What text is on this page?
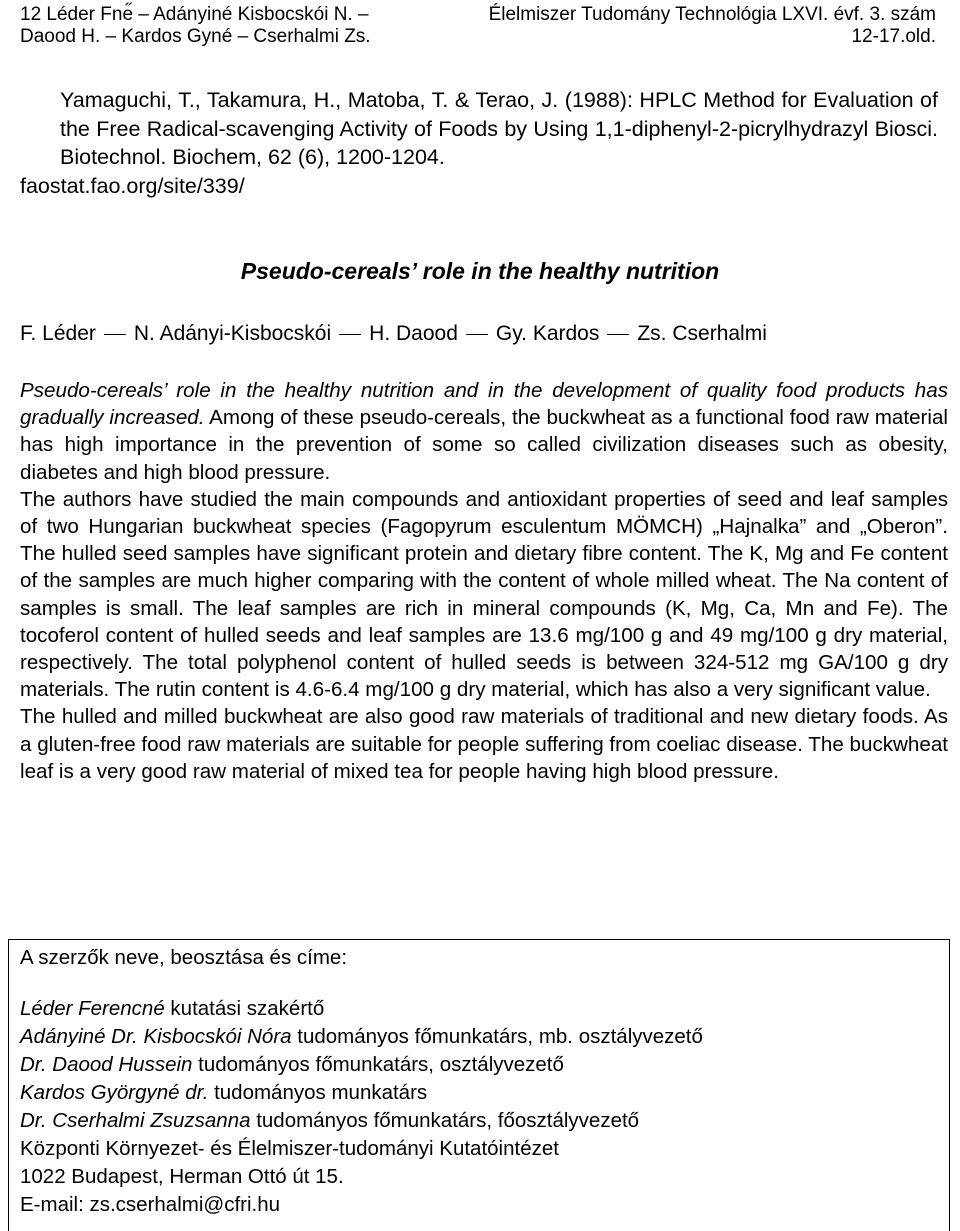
12 Léder Fne̋ – Adányiné Kisbocskói N. –
Daood H. – Kardos Gyné – Cserhalmi Zs.
Élelmiszer Tudomány Technológia LXVI. évf. 3. szám
12-17.old.
Yamaguchi, T., Takamura, H., Matoba, T. & Terao, J. (1988): HPLC Method for Evaluation of the Free Radical-scavenging Activity of Foods by Using 1,1-diphenyl-2-picrylhydrazyl Biosci. Biotechnol. Biochem, 62 (6), 1200-1204.
faostat.fao.org/site/339/
Pseudo-cereals’ role in the healthy nutrition
F. Léder N. Adányi-Kisbocskói H. Daood Gy. Kardos Zs. Cserhalmi

Pseudo-cereals’ role in the healthy nutrition and in the development of quality food products has gradually increased. Among of these pseudo-cereals, the buckwheat as a functional food raw material has high importance in the prevention of some so called civilization diseases such as obesity, diabetes and high blood pressure.

The authors have studied the main compounds and antioxidant properties of seed and leaf samples of two Hungarian buckwheat species (Fagopyrum esculentum MÖMCH) „Hajnalka” and „Oberon”. The hulled seed samples have significant protein and dietary fibre content. The K, Mg and Fe content of the samples are much higher comparing with the content of whole milled wheat. The Na content of samples is small. The leaf samples are rich in mineral compounds (K, Mg, Ca, Mn and Fe). The tocoferol content of hulled seeds and leaf samples are 13.6 mg/100 g and 49 mg/100 g dry material, respectively. The total polyphenol content of hulled seeds is between 324-512 mg GA/100 g dry materials. The rutin content is 4.6-6.4 mg/100 g dry material, which has also a very significant value.

The hulled and milled buckwheat are also good raw materials of traditional and new dietary foods. As a gluten-free food raw materials are suitable for people suffering from coeliac disease. The buckwheat leaf is a very good raw material of mixed tea for people having high blood pressure.

A szerzők neve, beosztása és címe:
Léder Ferencné kutatási szakértő
Adányiné Dr. Kisbocskói Nóra tudományos főmunkatárs, mb. osztályvezető
Dr. Daood Hussein tudományos főmunkatárs, osztályvezető
Kardos Györgyné dr. tudományos munkatárs
Dr. Cserhalmi Zsuzsanna tudományos főmunkatárs, főosztályvezető
Központi Környezet- és Élelmiszer-tudományi Kutatóintézet
1022 Budapest, Herman Ottó út 15.
E-mail: zs.cserhalmi@cfri.hu
